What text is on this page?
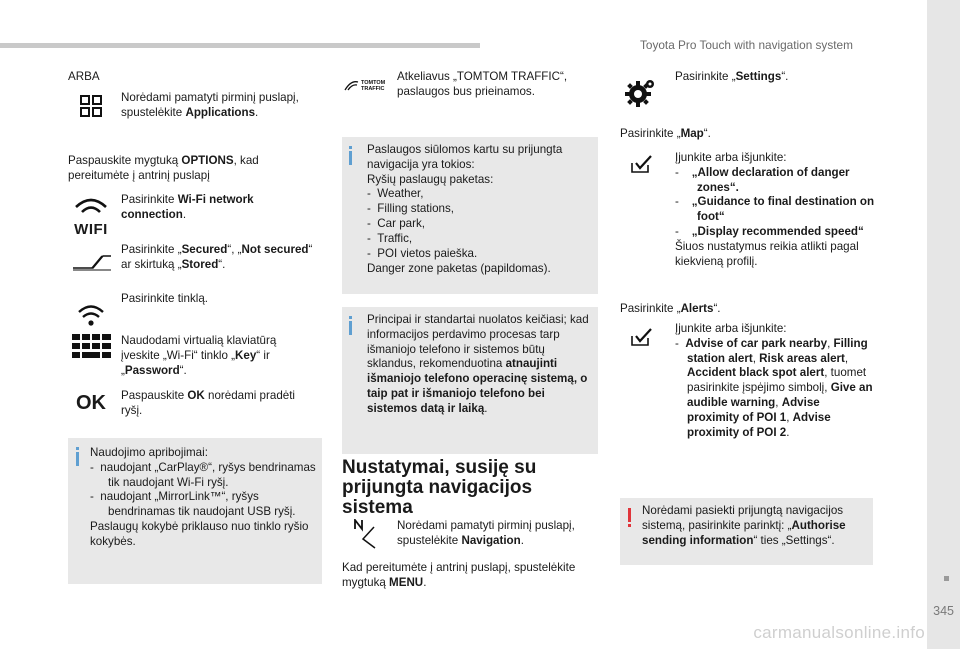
Toyota Pro Touch with navigation system
345
carmanualsonline.info
ARBA
Norėdami pamatyti pirminį puslapį, spustelėkite Applications.
Paspauskite mygtuką OPTIONS, kad pereitumėte į antrinį puslapį
WIFI
Pasirinkite Wi-Fi network connection.
Pasirinkite „Secured“, „Not secured“ ar skirtuką „Stored“.
Pasirinkite tinklą.
Naudodami virtualią klaviatūrą įveskite „Wi-Fi“ tinklo „Key“ ir „Password“.
OK Paspauskite OK norėdami pradėti ryšį.
Naudojimo apribojimai:
-  naudojant „CarPlay®“, ryšys bendrinamas tik naudojant Wi-Fi ryšį.
-  naudojant „MirrorLink™“, ryšys bendrinamas tik naudojant USB ryšį.
Paslaugų kokybė priklauso nuo tinklo ryšio kokybės.
TOMTOM
TRAFFIC
Atkeliavus „TOMTOM TRAFFIC“, paslaugos bus prieinamos.
Paslaugos siūlomos kartu su prijungta navigacija yra tokios:
Ryšių paslaugų paketas:
-  Weather,
-  Filling stations,
-  Car park,
-  Traffic,
-  POI vietos paieška.
Danger zone paketas (papildomas).
Principai ir standartai nuolatos keičiasi; kad informacijos perdavimo procesas tarp išmaniojo telefono ir sistemos būtų sklandus, rekomenduotina atnaujinti išmaniojo telefono operacinę sistemą, o taip pat ir išmaniojo telefono bei sistemos datą ir laiką.
Nustatymai, susiję su prijungta navigacijos sistema
Norėdami pamatyti pirminį puslapį, spustelėkite Navigation.
Kad pereitumėte į antrinį puslapį, spustelėkite mygtuką MENU.
Pasirinkite „Settings“.
Pasirinkite „Map“.
Įjunkite arba išjunkite:
-    „Allow declaration of danger zones“.
-    „Guidance to final destination on foot“
-    „Display recommended speed“
Šiuos nustatymus reikia atlikti pagal kiekvieną profilį.
Pasirinkite „Alerts“.
Įjunkite arba išjunkite:
-  Advise of car park nearby, Filling station alert, Risk areas alert, Accident black spot alert, tuomet pasirinkite įspėjimo simbolį, Give an audible warning, Advise proximity of POI 1, Advise proximity of POI 2.
Norėdami pasiekti prijungtą navigacijos sistemą, pasirinkite parinktį: „Authorise sending information“ ties „Settings“.
